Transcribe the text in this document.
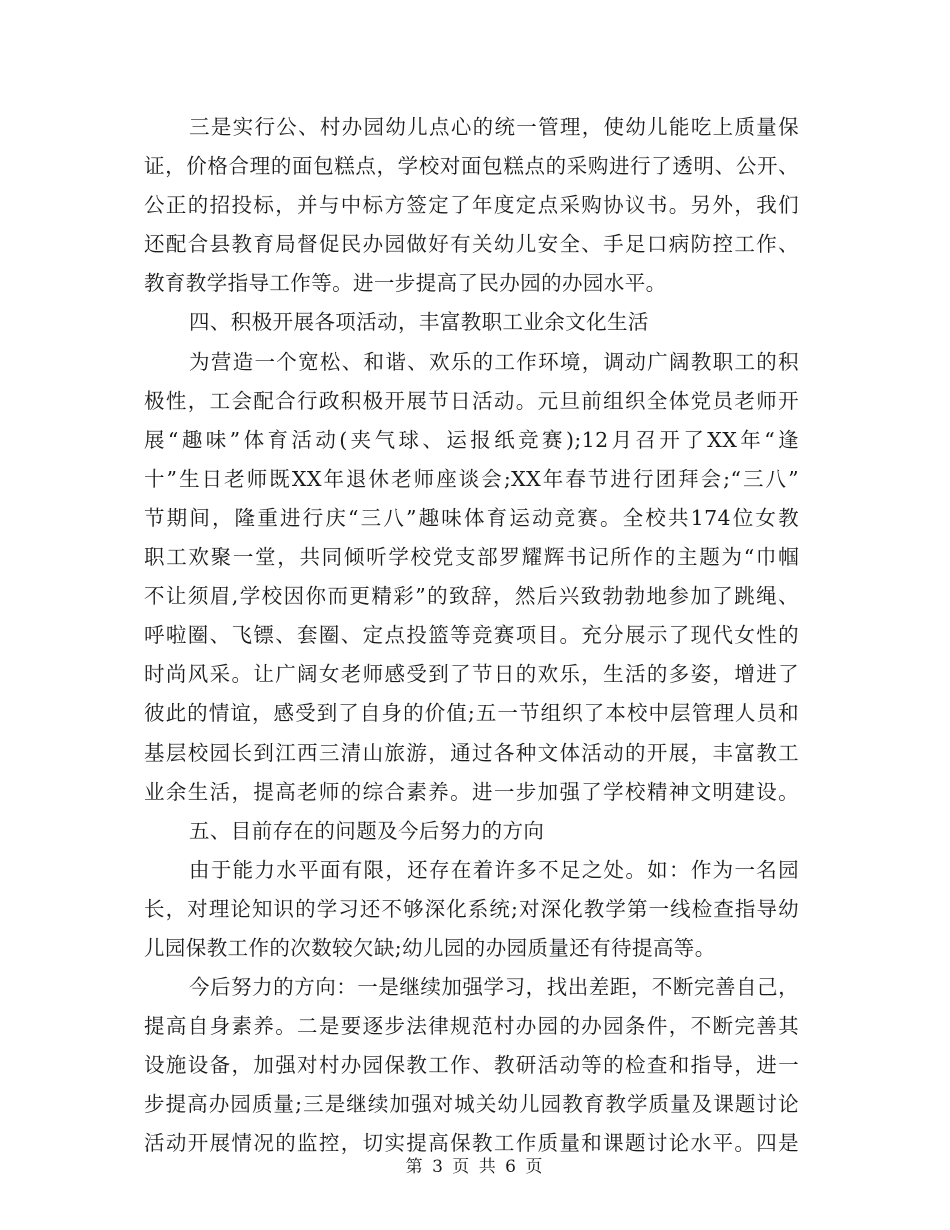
三是实行公、村办园幼儿点心的统一管理，使幼儿能吃上质量保
证，价格合理的面包糕点，学校对面包糕点的采购进行了透明、公开、
公正的招投标，并与中标方签定了年度定点采购协议书。另外，我们
还配合县教育局督促民办园做好有关幼儿安全、手足口病防控工作、
教育教学指导工作等。进一步提高了民办园的办园水平。
四、积极开展各项活动，丰富教职工业余文化生活
为营造一个宽松、和谐、欢乐的工作环境，调动广阔教职工的积
极性，工会配合行政积极开展节日活动。元旦前组织全体党员老师开
展“趣味”体育活动(夹气球、运报纸竞赛);12月召开了XX年“逢
十”生日老师既XX年退休老师座谈会;XX年春节进行团拜会;“三八”
节期间，隆重进行庆“三八”趣味体育运动竞赛。全校共174位女教
职工欢聚一堂，共同倾听学校党支部罗耀辉书记所作的主题为“巾帼
不让须眉,学校因你而更精彩”的致辞，然后兴致勃勃地参加了跳绳、
呼啦圈、飞镖、套圈、定点投篮等竞赛项目。充分展示了现代女性的
时尚风采。让广阔女老师感受到了节日的欢乐，生活的多姿，增进了
彼此的情谊，感受到了自身的价值;五一节组织了本校中层管理人员和
基层校园长到江西三清山旅游，通过各种文体活动的开展，丰富教工
业余生活，提高老师的综合素养。进一步加强了学校精神文明建设。
五、目前存在的问题及今后努力的方向
由于能力水平面有限，还存在着许多不足之处。如：作为一名园
长，对理论知识的学习还不够深化系统;对深化教学第一线检查指导幼
儿园保教工作的次数较欠缺;幼儿园的办园质量还有待提高等。
今后努力的方向：一是继续加强学习，找出差距，不断完善自己，
提高自身素养。二是要逐步法律规范村办园的办园条件，不断完善其
设施设备，加强对村办园保教工作、教研活动等的检查和指导，进一
步提高办园质量;三是继续加强对城关幼儿园教育教学质量及课题讨论
活动开展情况的监控，切实提高保教工作质量和课题讨论水平。四是
第 3 页 共 6 页
